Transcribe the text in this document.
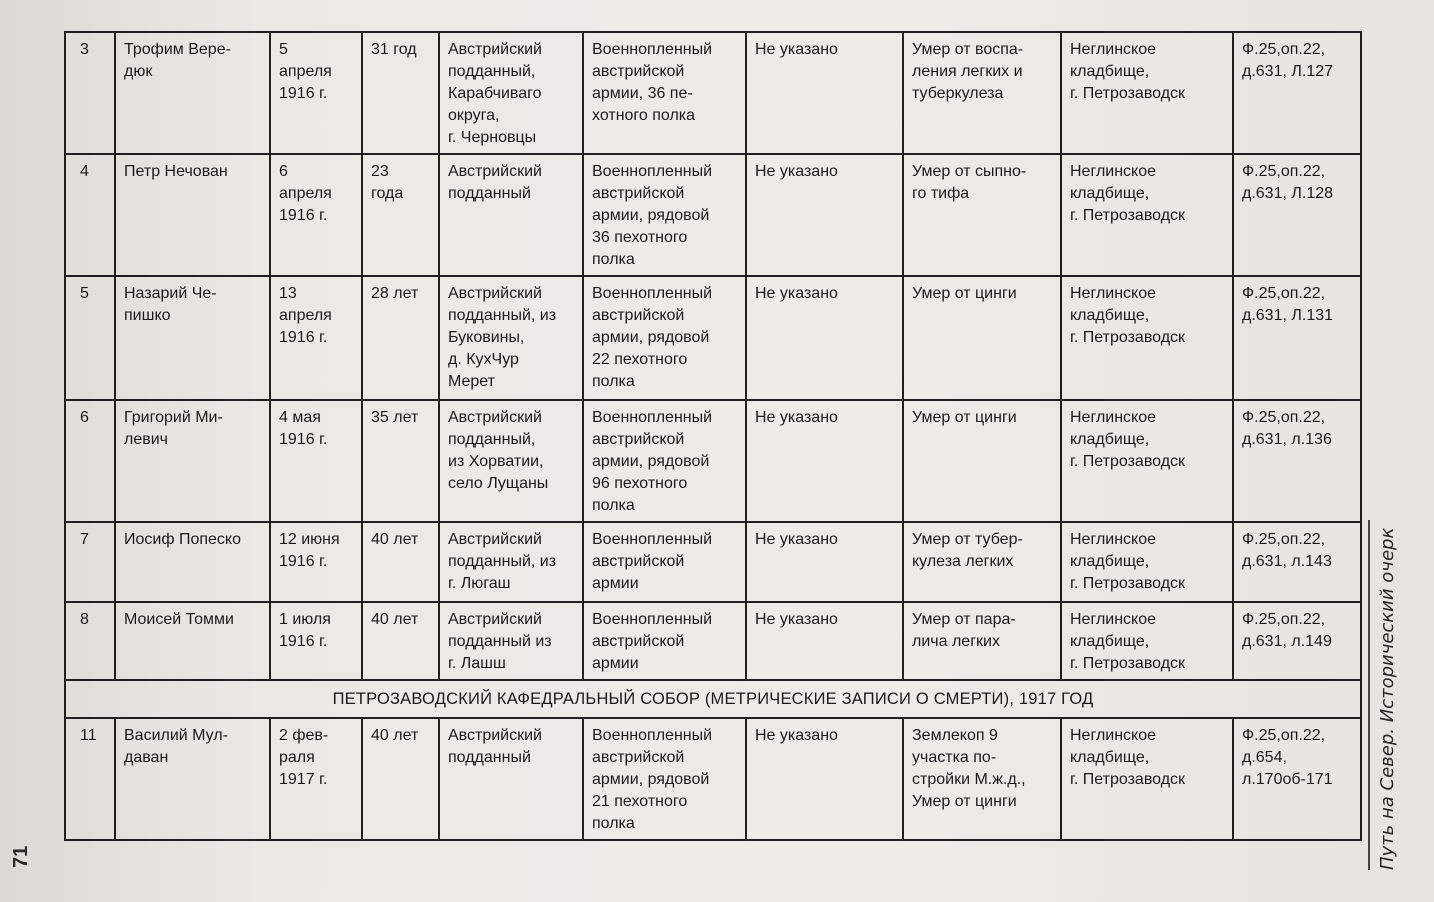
3	Трофим Вере-
дюк	5
апреля
1916 г.	31 год	Австрийский
подданный,
Карабчиваго
округа,
г. Черновцы	Военнопленный
австрийской
армии, 36 пе-
хотного полка	Не указано	Умер от воспа-
ления легких и
туберкулеза	Неглинское
кладбище,
г. Петрозаводск	Ф.25,оп.22,
д.631, Л.127
4	Петр Нечован	6
апреля
1916 г.	23
года	Австрийский
подданный	Военнопленный
австрийской
армии, рядовой
36 пехотного
полка	Не указано	Умер от сыпно-
го тифа	Неглинское
кладбище,
г. Петрозаводск	Ф.25,оп.22,
д.631, Л.128
5	Назарий Че-
пишко	13
апреля
1916 г.	28 лет	Австрийский
подданный, из
Буковины,
д. КухЧур
Мерет	Военнопленный
австрийской
армии, рядовой
22 пехотного
полка	Не указано	Умер от цинги	Неглинское
кладбище,
г. Петрозаводск	Ф.25,оп.22,
д.631, Л.131
6	Григорий Ми-
левич	4 мая
1916 г.	35 лет	Австрийский
подданный,
из Хорватии,
село Лущаны	Военнопленный
австрийской
армии, рядовой
96 пехотного
полка	Не указано	Умер от цинги	Неглинское
кладбище,
г. Петрозаводск	Ф.25,оп.22,
д.631, л.136
7	Иосиф Попеско	12 июня
1916 г.	40 лет	Австрийский
подданный, из
г. Люгаш	Военнопленный
австрийской
армии	Не указано	Умер от тубер-
кулеза легких	Неглинское
кладбище,
г. Петрозаводск	Ф.25,оп.22,
д.631, л.143
8	Моисей Томми	1 июля
1916 г.	40 лет	Австрийский
подданный из
г. Лашш	Военнопленный
австрийской
армии	Не указано	Умер от пара-
лича легких	Неглинское
кладбище,
г. Петрозаводск	Ф.25,оп.22,
д.631, л.149
ПЕТРОЗАВОДСКИЙ КАФЕДРАЛЬНЫЙ СОБОР (МЕТРИЧЕСКИЕ ЗАПИСИ О СМЕРТИ), 1917 ГОД									
11	Василий Мул-
даван	2 фев-
раля
1917 г.	40 лет	Австрийский
подданный	Военнопленный
австрийской
армии, рядовой
21 пехотного
полка	Не указано	Землекоп 9
участка по-
стройки М.ж.д.,
Умер от цинги	Неглинское
кладбище,
г. Петрозаводск	Ф.25,оп.22,
д.654,
л.170об-171 Путь на Север. Исторический очерк
71
